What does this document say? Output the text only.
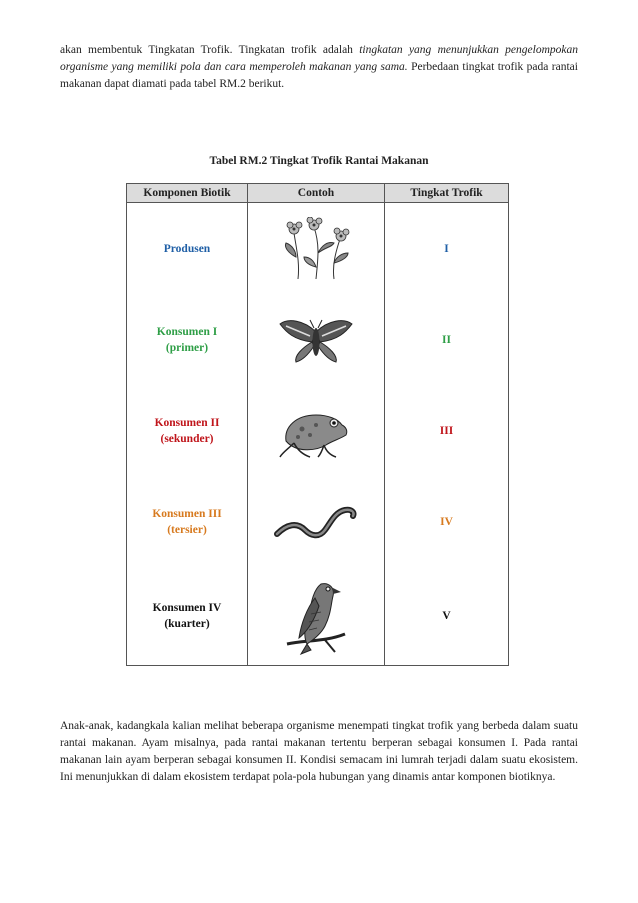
akan membentuk Tingkatan Trofik. Tingkatan trofik adalah tingkatan yang menunjukkan pengelompokan organisme yang memiliki pola dan cara memperoleh makanan yang sama. Perbedaan tingkat trofik pada rantai makanan dapat diamati pada tabel RM.2 berikut.

Tabel RM.2 Tingkat Trofik Rantai Makanan
Komponen Biotik	Contoh	Tingkat Trofik
Produsen		I
Konsumen I
(primer)		II
Konsumen II
(sekunder)		III
Konsumen III
(tersier)		IV
Konsumen IV
(kuarter)		V

Anak-anak, kadangkala kalian melihat beberapa organisme menempati tingkat trofik yang berbeda dalam suatu rantai makanan. Ayam misalnya, pada rantai makanan tertentu berperan sebagai konsumen I. Pada rantai makanan lain ayam berperan sebagai konsumen II. Kondisi semacam ini lumrah terjadi dalam suatu ekosistem. Ini menunjukkan di dalam ekosistem terdapat pola-pola hubungan yang dinamis antar komponen biotiknya.
